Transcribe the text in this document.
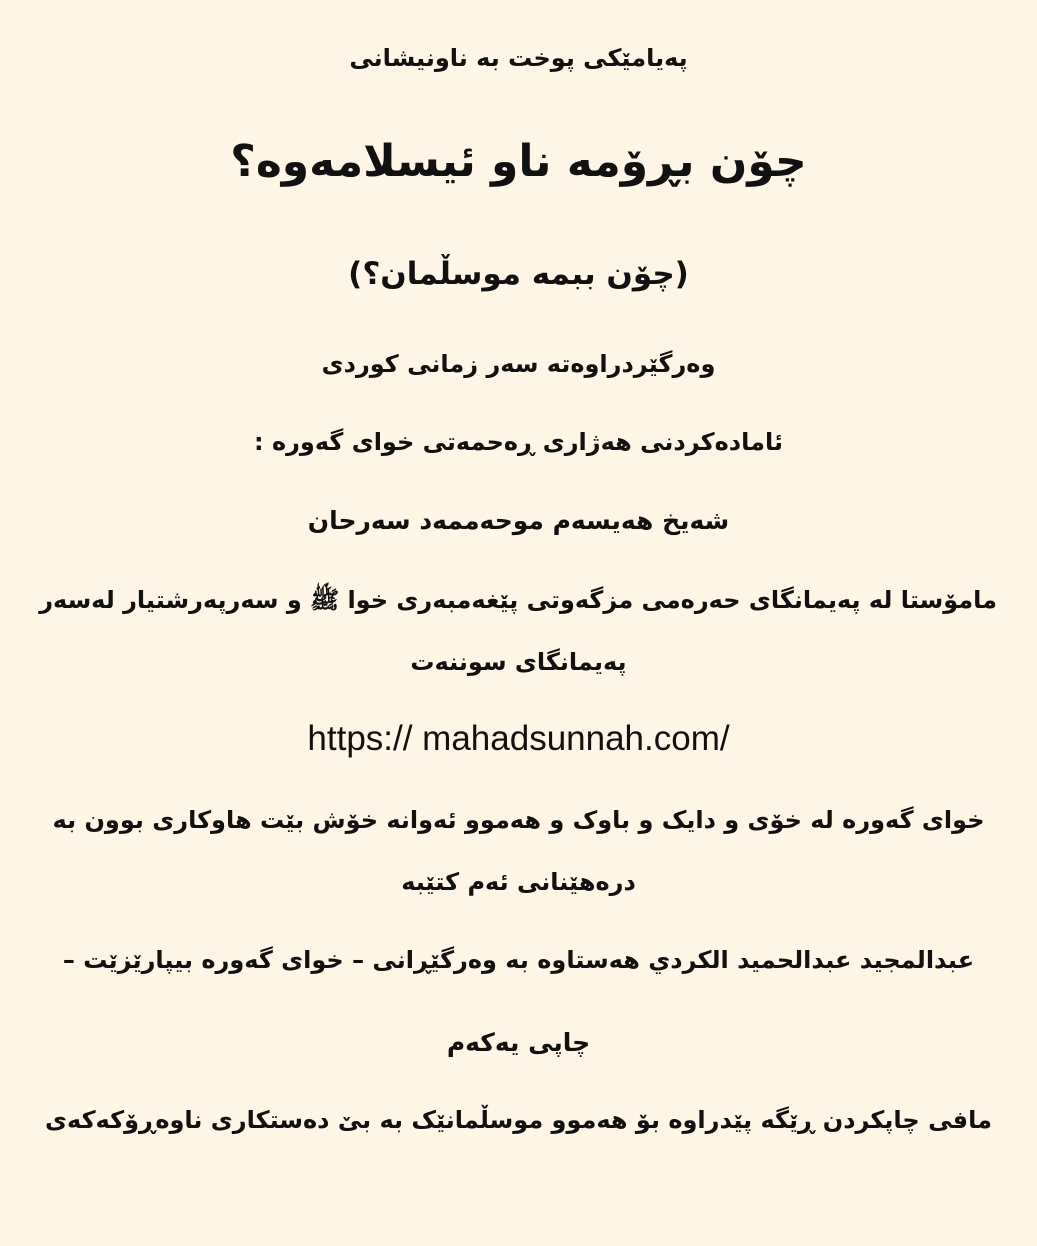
پەیامێکی پوخت بە ناونیشانی
چۆن بڕۆمە ناو ئیسلامەوە؟
(چۆن ببمە موسڵمان؟)
وەرگێردراوەتە سەر زمانی کوردی
ئامادەکردنی هەژاری ڕەحمەتی خوای گەورە :
شەیخ هەیسەم موحەممەد سەرحان
مامۆستا لە پەیمانگای حەرەمی مزگەوتی پێغەمبەری خوا ﷺ و سەرپەرشتیار لەسەر
پەیمانگای سوننەت
https:// mahadsunnah.com/
خوای گەورە لە خۆی و دایک و باوک و هەموو ئەوانە خۆش بێت هاوکاری بوون بە
درەهێنانی ئەم کتێبە
عبدالمجید عبدالحمید الکردي هەستاوە بە وەرگێڕانی – خوای گەورە بیپارێزێت –
چاپی یەکەم
مافی چاپکردن ڕێگە پێدراوە بۆ هەموو موسڵمانێک بە بێ دەستکاری ناوەڕۆکەکەی
